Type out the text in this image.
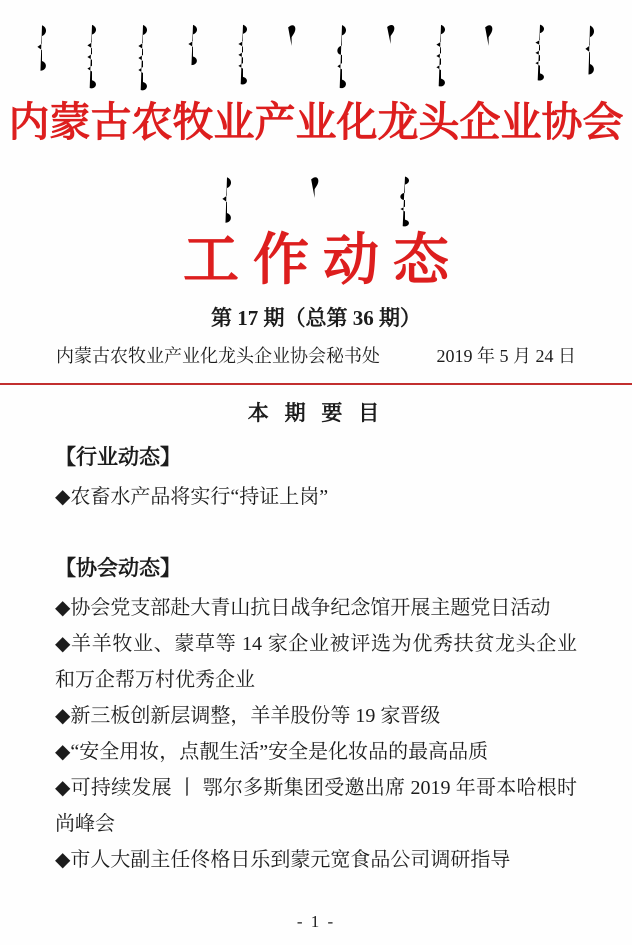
内蒙古农牧业产业化龙头企业协会
工作动态
第 17 期（总第 36 期）
内蒙古农牧业产业化龙头企业协会秘书处	2019 年 5 月 24 日
本 期 要 目
【行业动态】

◆农畜水产品将实行“持证上岗”

【协会动态】

◆协会党支部赴大青山抗日战争纪念馆开展主题党日活动

◆羊羊牧业、蒙草等 14 家企业被评选为优秀扶贫龙头企业和万企帮万村优秀企业

◆新三板创新层调整，羊羊股份等 19 家晋级

◆“安全用妆，点靓生活”安全是化妆品的最高品质

◆可持续发展 丨 鄂尔多斯集团受邀出席 2019 年哥本哈根时尚峰会

◆市人大副主任佟格日乐到蒙元宽食品公司调研指导

- 1 -
